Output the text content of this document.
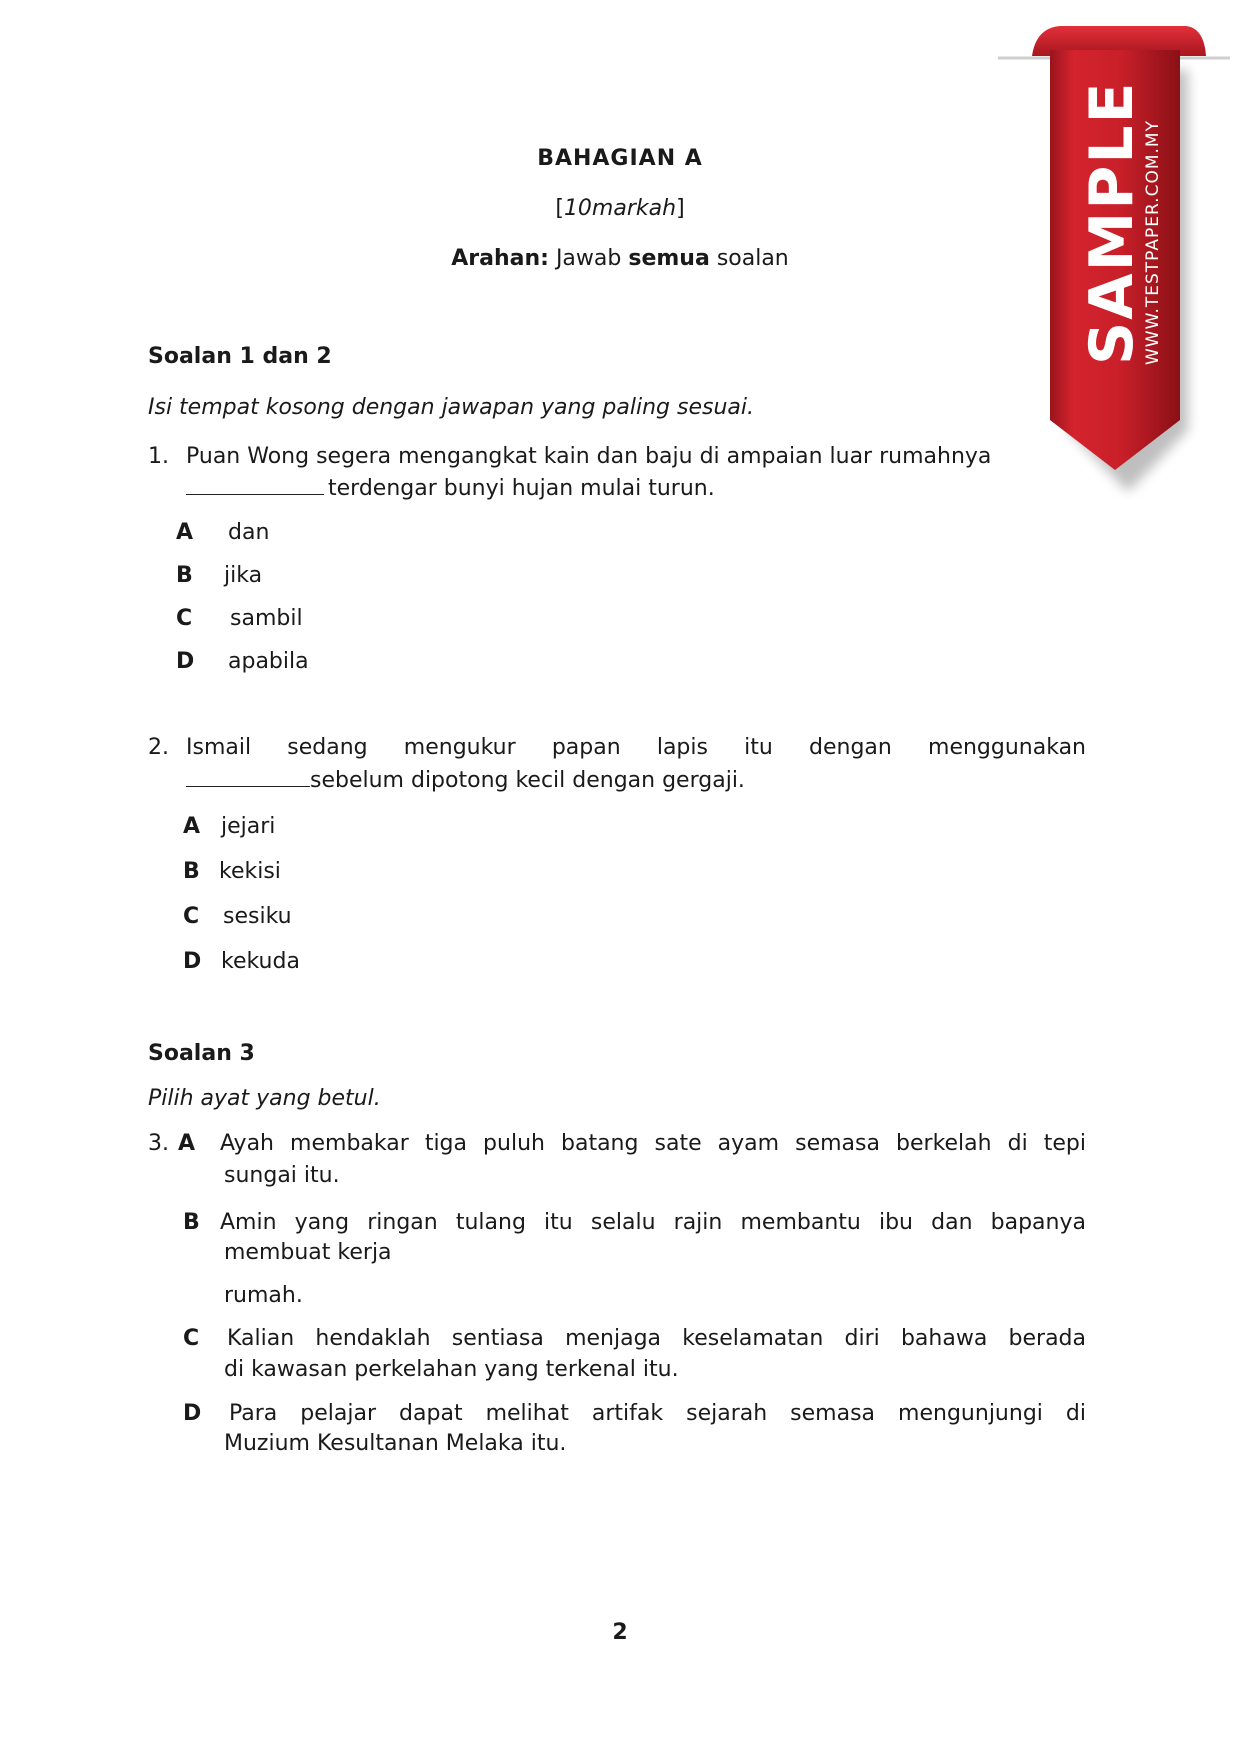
BAHAGIAN A
[10markah]
Arahan: Jawab semua soalan
Soalan 1 dan 2
Isi tempat kosong dengan jawapan yang paling sesuai.
1. Puan Wong segera mengangkat kain dan baju di ampaian luar rumahnya
terdengar bunyi hujan mulai turun.
A dan
B jika
C sambil
D apabila
2. Ismail sedang mengukur papan lapis itu dengan menggunakan
sebelum dipotong kecil dengan gergaji.
A jejari
B kekisi
C sesiku
D kekuda
Soalan 3
Pilih ayat yang betul.
3. A Ayah membakar tiga puluh batang sate ayam semasa berkelah di tepi
sungai itu.
B Amin yang ringan tulang itu selalu rajin membantu ibu dan bapanya
membuat kerja
rumah.
C Kalian hendaklah sentiasa menjaga keselamatan diri bahawa berada
di kawasan perkelahan yang terkenal itu.
D Para pelajar dapat melihat artifak sejarah semasa mengunjungi di
Muzium Kesultanan Melaka itu.
2
SAMPLE
WWW.TESTPAPER.COM.MY
